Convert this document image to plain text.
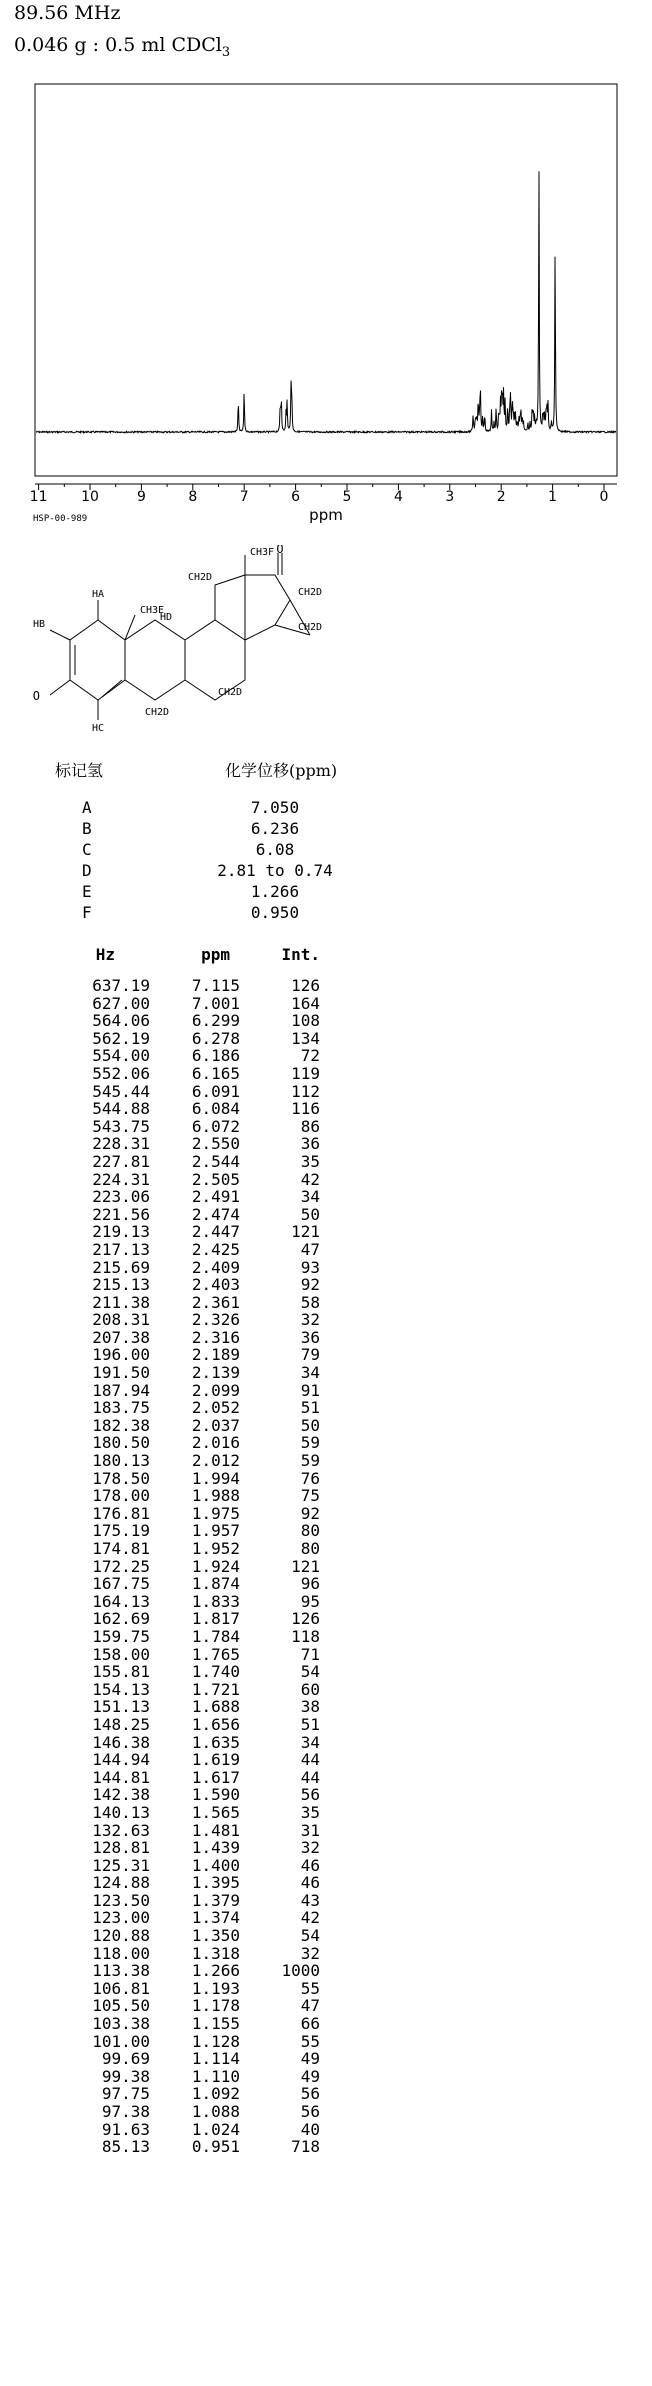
89.56 MHz
0.046 g : 0.5 ml CDCl$_3$
11 10	9	8	7	6	5	4	3	2	1	0
ppm
HSP-00-989
HA
HB
HC
CH3E
CH3F
HD
CH2D
CH2D
CH2D
CH2D
CH2D
O
O
标记氢	化学位移(ppm)
A	7.050
B	6.236
C	6.08
D	2.81 to 0.74
E	1.266
F	0.950
Hz	ppm	Int.
637.19	7.115	126
627.00	7.001	164
564.06	6.299	108
562.19	6.278	134
554.00	6.186	72
552.06	6.165	119
545.44	6.091	112
544.88	6.084	116
543.75	6.072	86
228.31	2.550	36
227.81	2.544	35
224.31	2.505	42
223.06	2.491	34
221.56	2.474	50
219.13	2.447	121
217.13	2.425	47
215.69	2.409	93
215.13	2.403	92
211.38	2.361	58
208.31	2.326	32
207.38	2.316	36
196.00	2.189	79
191.50	2.139	34
187.94	2.099	91
183.75	2.052	51
182.38	2.037	50
180.50	2.016	59
180.13	2.012	59
178.50	1.994	76
178.00	1.988	75
176.81	1.975	92
175.19	1.957	80
174.81	1.952	80
172.25	1.924	121
167.75	1.874	96
164.13	1.833	95
162.69	1.817	126
159.75	1.784	118
158.00	1.765	71
155.81	1.740	54
154.13	1.721	60
151.13	1.688	38
148.25	1.656	51
146.38	1.635	34
144.94	1.619	44
144.81	1.617	44
142.38	1.590	56
140.13	1.565	35
132.63	1.481	31
128.81	1.439	32
125.31	1.400	46
124.88	1.395	46
123.50	1.379	43
123.00	1.374	42
120.88	1.350	54
118.00	1.318	32
113.38	1.266	1000
106.81	1.193	55
105.50	1.178	47
103.38	1.155	66
101.00	1.128	55
99.69	1.114	49
99.38	1.110	49
97.75	1.092	56
97.38	1.088	56
91.63	1.024	40
85.13	0.951	718
